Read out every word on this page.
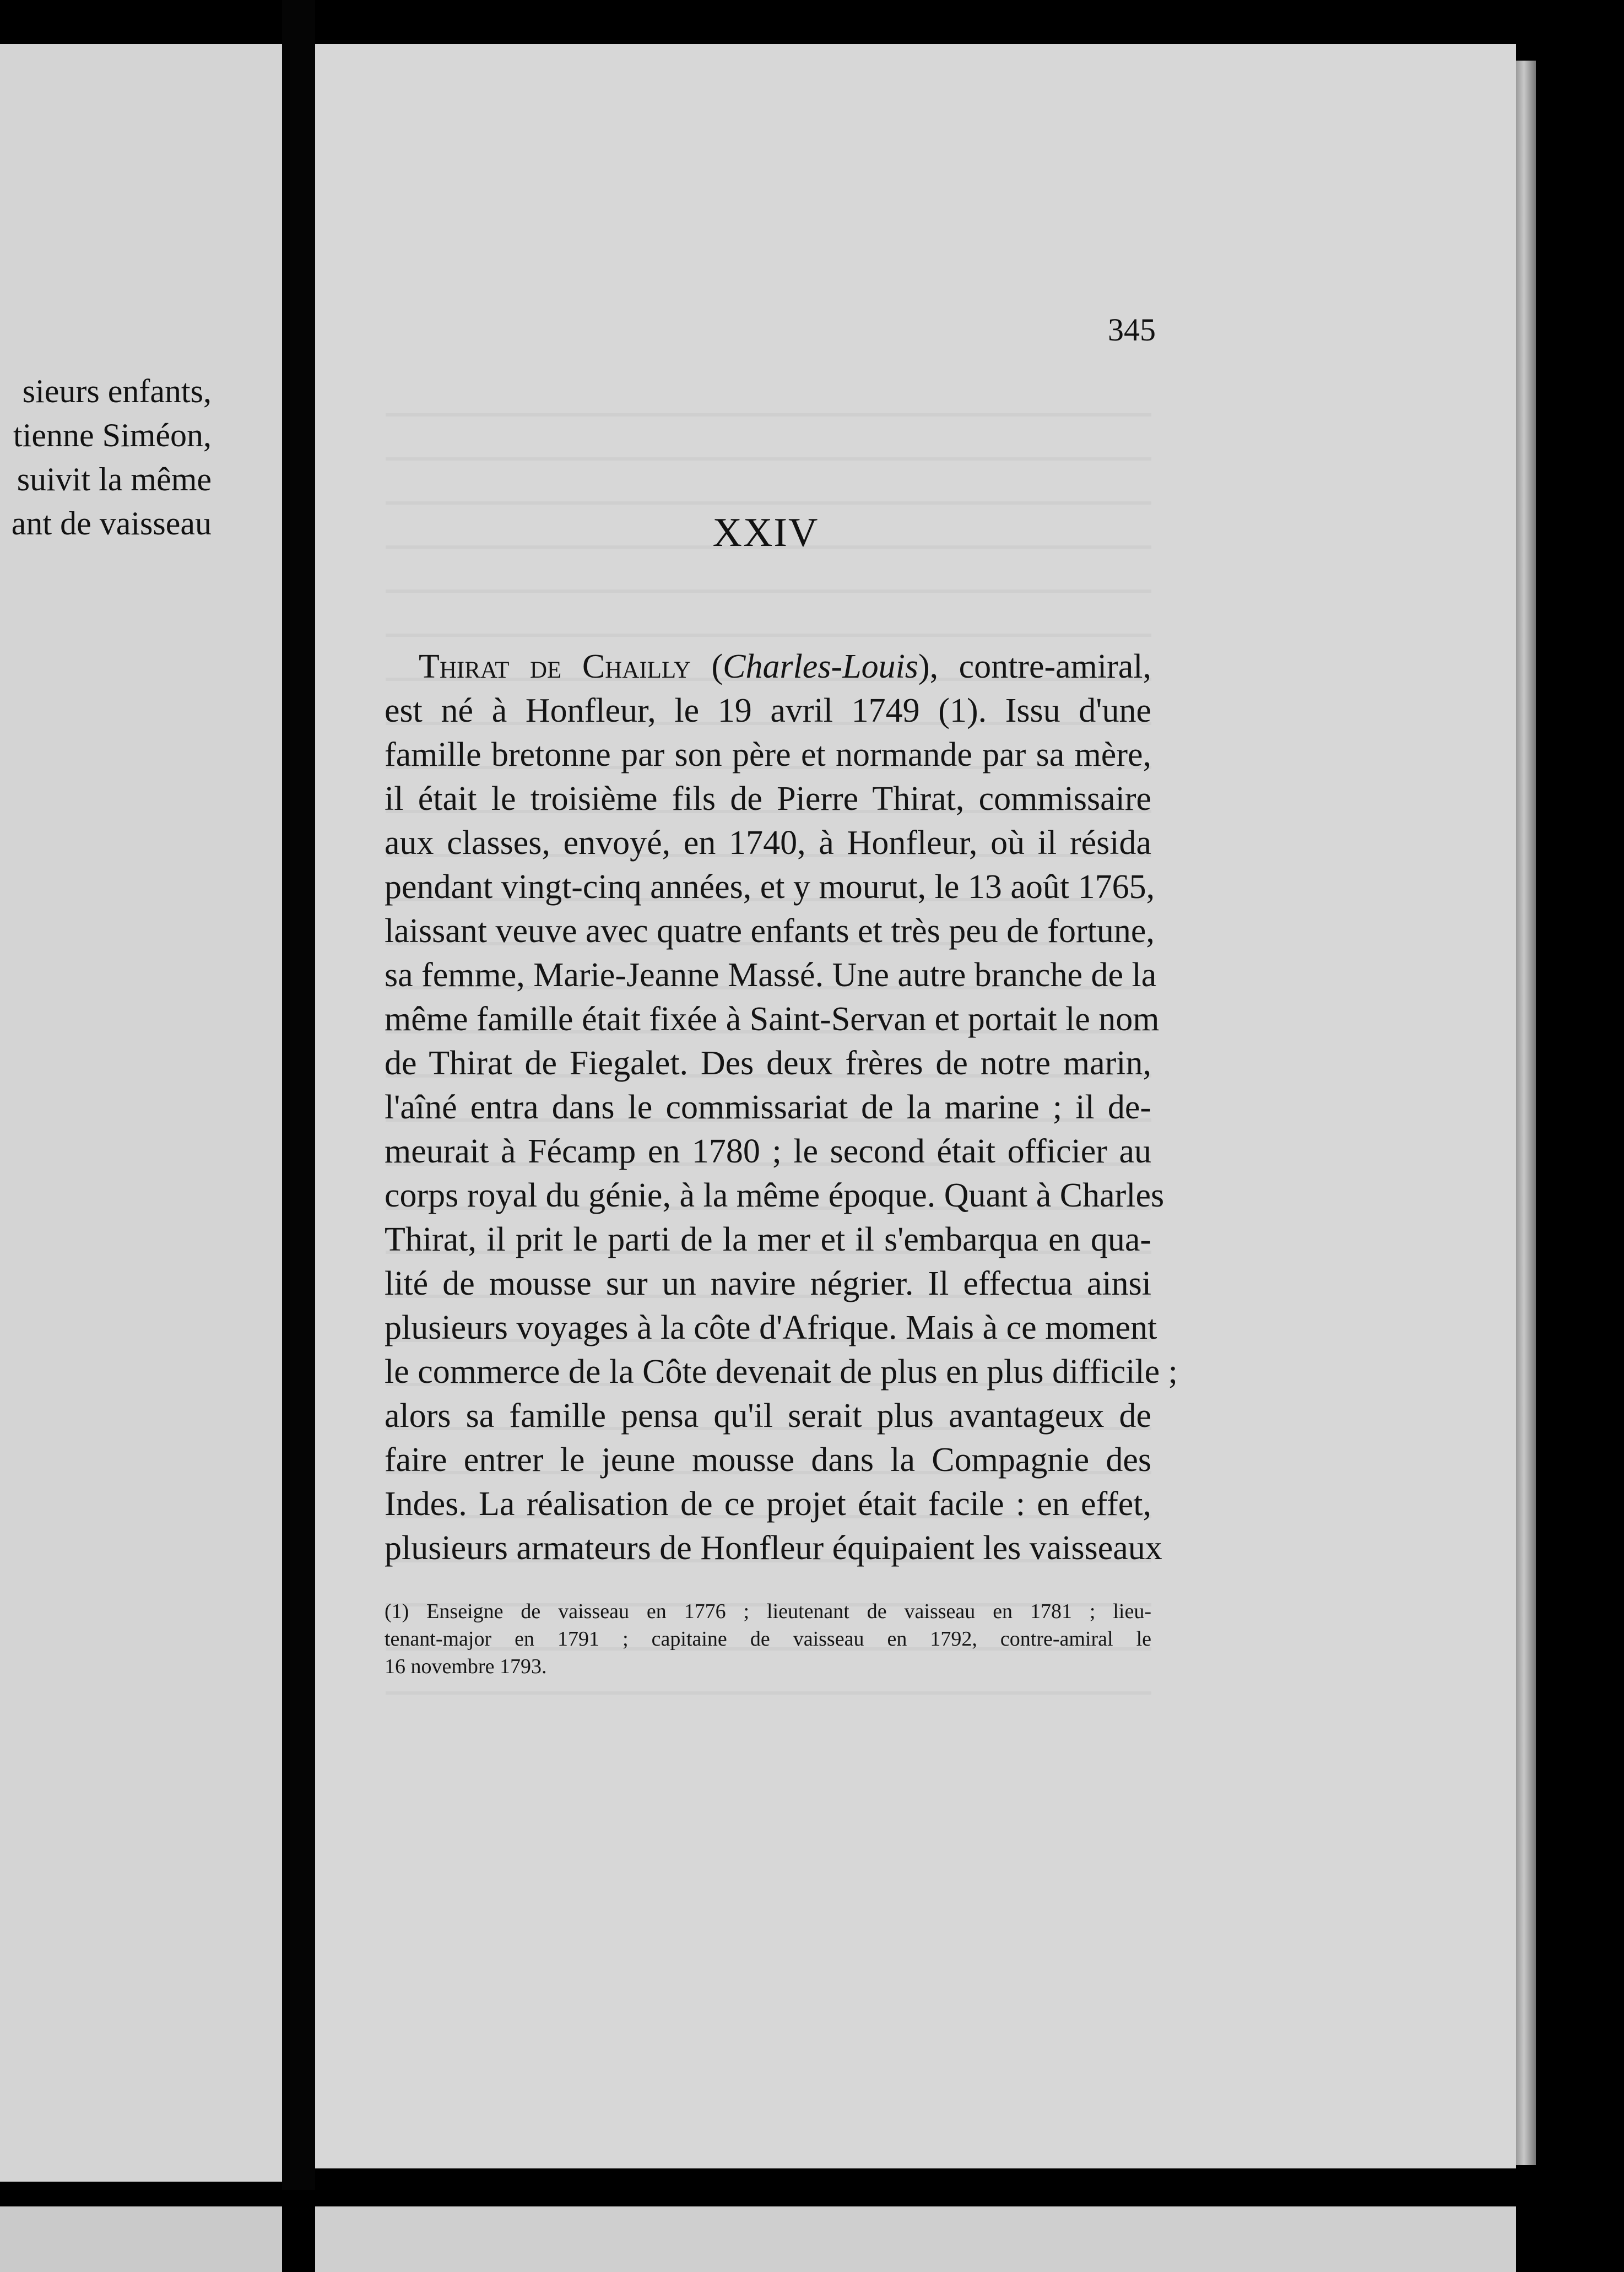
sieurs enfants,
tienne Siméon,
suivit la même
ant de vaisseau
345
XXIV
Thirat de Chailly (Charles-Louis), contre-amiral,
est né à Honfleur, le 19 avril 1749 (1). Issu d'une
famille bretonne par son père et normande par sa mère,
il était le troisième fils de Pierre Thirat, commissaire
aux classes, envoyé, en 1740, à Honfleur, où il résida
pendant vingt-cinq années, et y mourut, le 13 août 1765,
laissant veuve avec quatre enfants et très peu de fortune,
sa femme, Marie-Jeanne Massé. Une autre branche de la
même famille était fixée à Saint-Servan et portait le nom
de Thirat de Fiegalet. Des deux frères de notre marin,
l'aîné entra dans le commissariat de la marine ; il de-
meurait à Fécamp en 1780 ; le second était officier au
corps royal du génie, à la même époque. Quant à Charles
Thirat, il prit le parti de la mer et il s'embarqua en qua-
lité de mousse sur un navire négrier. Il effectua ainsi
plusieurs voyages à la côte d'Afrique. Mais à ce moment
le commerce de la Côte devenait de plus en plus difficile ;
alors sa famille pensa qu'il serait plus avantageux de
faire entrer le jeune mousse dans la Compagnie des
Indes. La réalisation de ce projet était facile : en effet,
plusieurs armateurs de Honfleur équipaient les vaisseaux
(1) Enseigne de vaisseau en 1776 ; lieutenant de vaisseau en 1781 ; lieu-
tenant-major en 1791 ; capitaine de vaisseau en 1792, contre-amiral le
16 novembre 1793.
